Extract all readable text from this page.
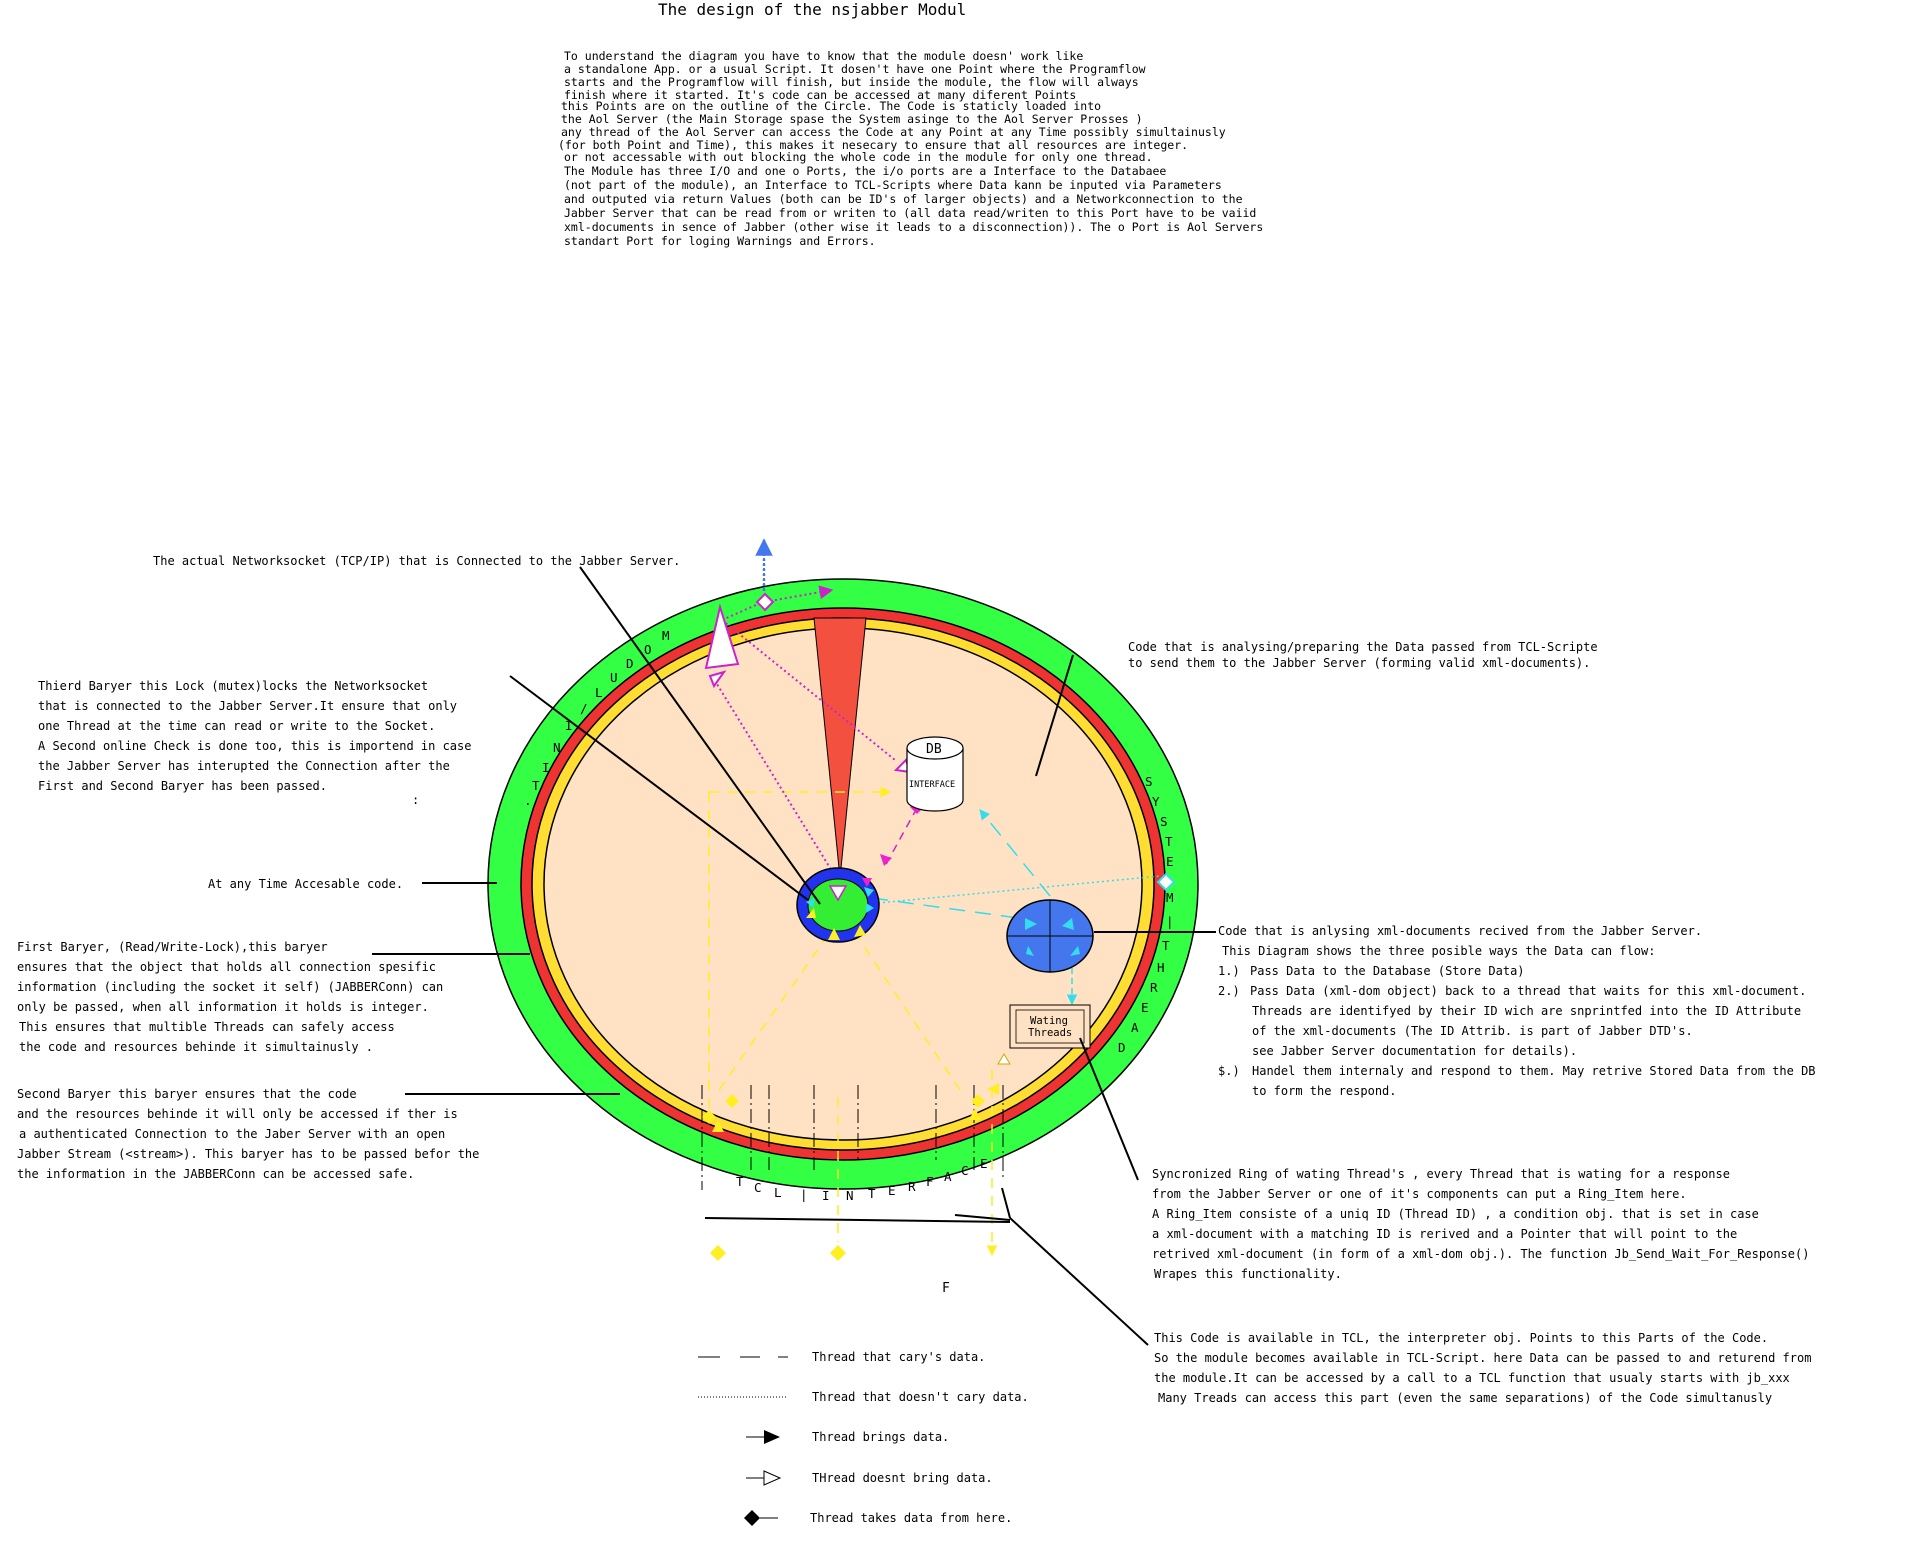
The design of the nsjabber Modul
To understand the diagram you have to know that the module doesn' work like
a standalone App. or a usual Script. It dosen't have one Point where the Programflow
starts and the Programflow will finish, but inside the module, the flow will always
finish where it started. It's code can be accessed at many diferent Points
this Points are on the outline of the Circle. The Code is staticly loaded into
the Aol Server (the Main Storage spase the System asinge to the Aol Server Prosses )
any thread of the Aol Server can access the Code at any Point at any Time possibly simultainusly
(for both Point and Time), this makes it nesecary to ensure that all resources are integer.
or not accessable with out blocking the whole code in the module for only one thread.
The Module has three I/O and one o Ports, the i/o ports are a Interface to the Databaee
(not part of the module), an Interface to TCL-Scripts where Data kann be inputed via Parameters
and outputed via return Values (both can be ID's of larger objects) and a Networkconnection to the
Jabber Server that can be read from or writen to (all data read/writen to this Port have to be vaiid
xml-documents in sence of Jabber (other wise it leads to a disconnection)). The o Port is Aol Servers
standart Port for loging Warnings and Errors.
M
O
D
U
L
/
I
N
I
T
.
S
Y
S
T
E
M
|
T
H
R
E
A
D
T C L | I N T E R F A C E
DB
INTERFACE
Wating
Threads
The actual Networksocket (TCP/IP) that is Connected to the Jabber Server.
Thierd Baryer this Lock (mutex)locks the Networksocket
that is connected to the Jabber Server.It ensure that only
one Thread at the time can read or write to the Socket.
A Second online Check is done too, this is importend in case
the Jabber Server has interupted the Connection after the
First and Second Baryer has been passed.
:
At any Time Accesable code.
First Baryer, (Read/Write-Lock),this baryer
ensures that the object that holds all connection spesific
information (including the socket it self) (JABBERConn) can
only be passed, when all information it holds is integer.
This ensures that multible Threads can safely access
the code and resources behinde it simultainusly .
Second Baryer this baryer ensures that the code
and the resources behinde it will only be accessed if ther is
a authenticated Connection to the Jaber Server with an open
Jabber Stream (<stream>). This baryer has to be passed befor the
the information in the JABBERConn can be accessed safe.
Code that is analysing/preparing the Data passed from TCL-Scripte
to send them to the Jabber Server (forming valid xml-documents).
Code that is anlysing xml-documents recived from the Jabber Server.
This Diagram shows the three posible ways the Data can flow:
1.) Pass Data to the Database (Store Data)
2.) Pass Data (xml-dom object) back to a thread that waits for this xml-document.
Threads are identifyed by their ID wich are snprintfed into the ID Attribute
of the xml-documents (The ID Attrib. is part of Jabber DTD's.
see Jabber Server documentation for details).
$.) Handel them internaly and respond to them. May retrive Stored Data from the DB
to form the respond.
Syncronized Ring of wating Thread's , every Thread that is wating for a response
from the Jabber Server or one of it's components can put a Ring_Item here.
A Ring_Item consiste of a uniq ID (Thread ID) , a condition obj. that is set in case
a xml-document with a matching ID is rerived and a Pointer that will point to the
retrived xml-document (in form of a xml-dom obj.). The function Jb_Send_Wait_For_Response()
Wrapes this functionality.
F
This Code is available in TCL, the interpreter obj. Points to this Parts of the Code.
So the module becomes available in TCL-Script. here Data can be passed to and returend from
the module.It can be accessed by a call to a TCL function that usualy starts with jb_xxx
Many Treads can access this part (even the same separations) of the Code simultanusly
Thread that cary's data.
Thread that doesn't cary data.
Thread brings data.
THread doesnt bring data.
Thread takes data from here.
